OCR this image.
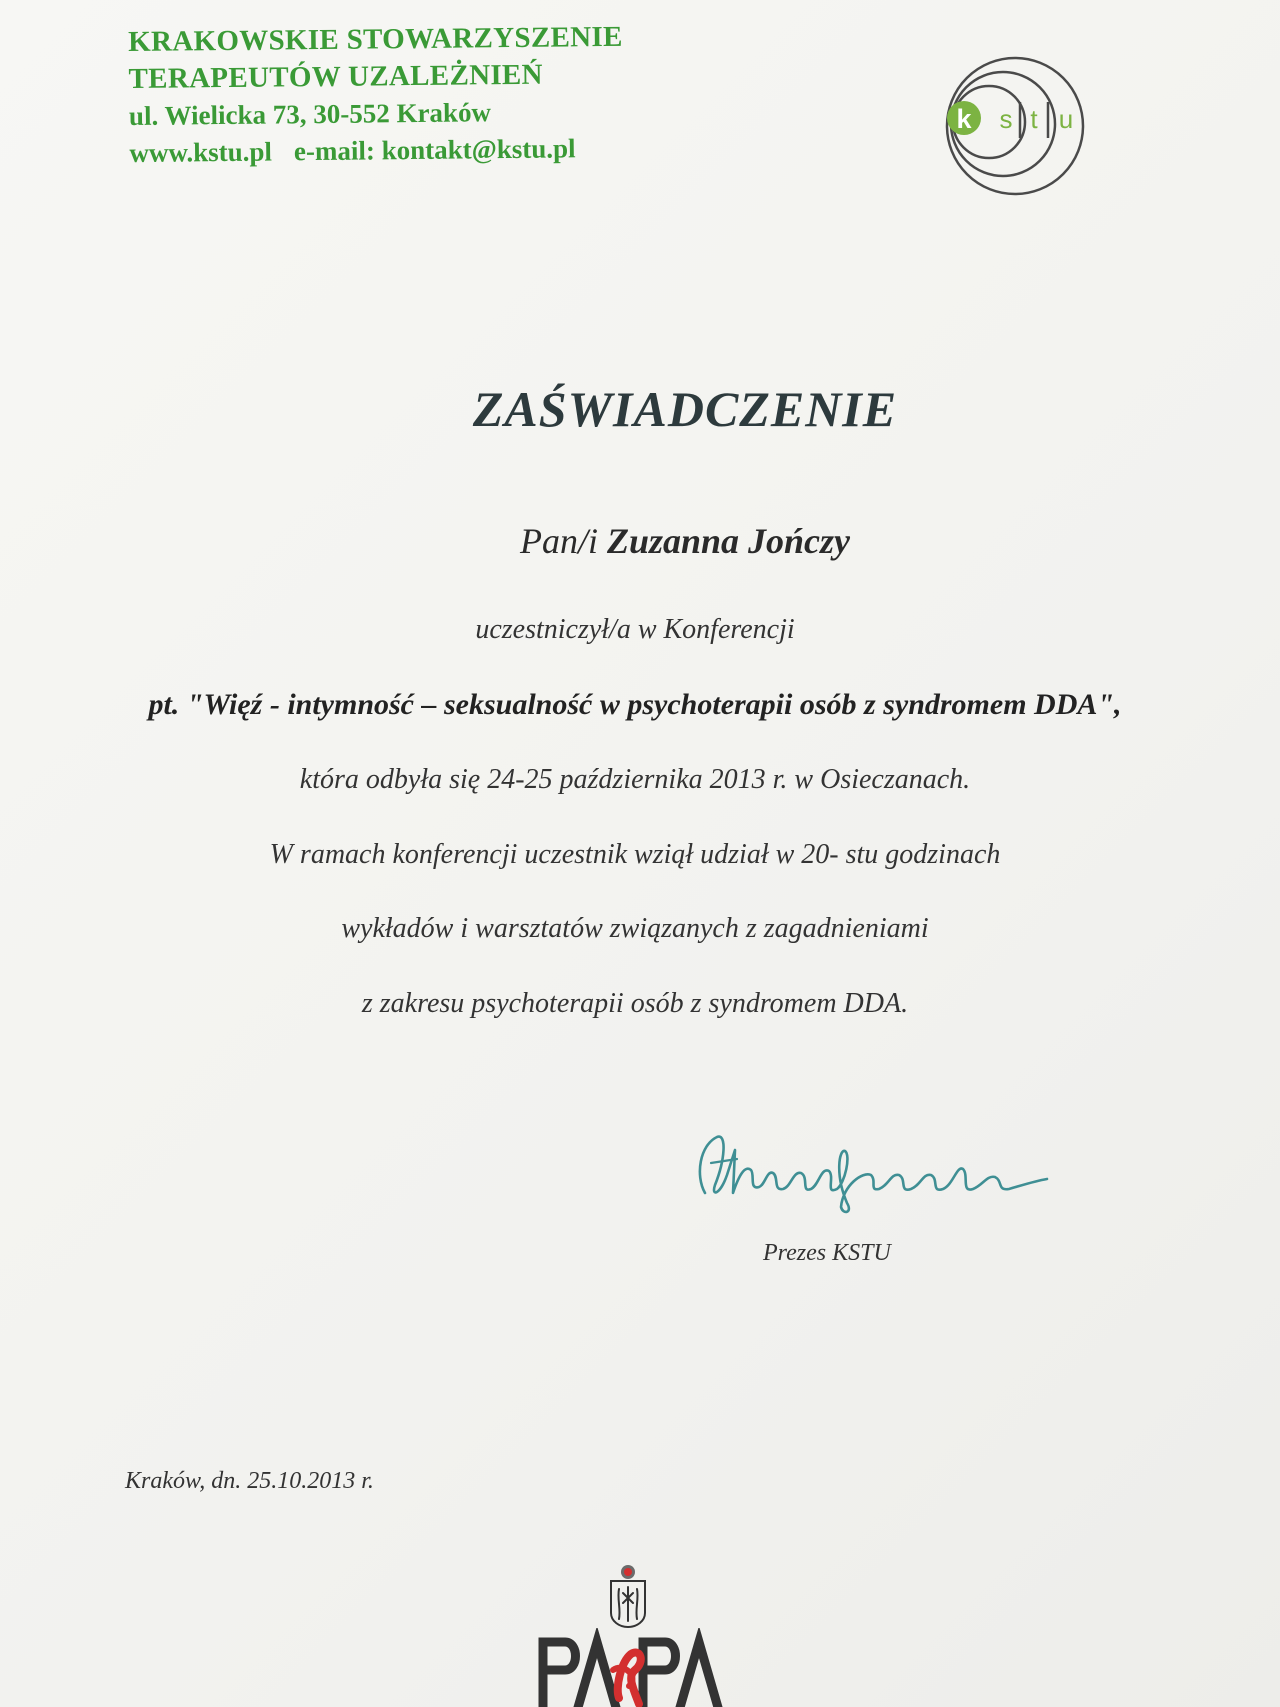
KRAKOWSKIE STOWARZYSZENIE
TERAPEUTÓW UZALEŻNIEŃ
ul. Wielicka 73, 30-552 Kraków
www.kstu.pl e-mail: kontakt@kstu.pl
k s t u
ZAŚWIADCZENIE
Pan/i Zuzanna Jończy
uczestniczył/a w Konferencji
pt. "Więź - intymność – seksualność w psychoterapii osób z syndromem DDA",
która odbyła się 24-25 października 2013 r. w Osieczanach.
W ramach konferencji uczestnik wziął udział w 20- stu godzinach
wykładów i warsztatów związanych z zagadnieniami
z zakresu psychoterapii osób z syndromem DDA.
Prezes KSTU
Kraków, dn. 25.10.2013 r.
